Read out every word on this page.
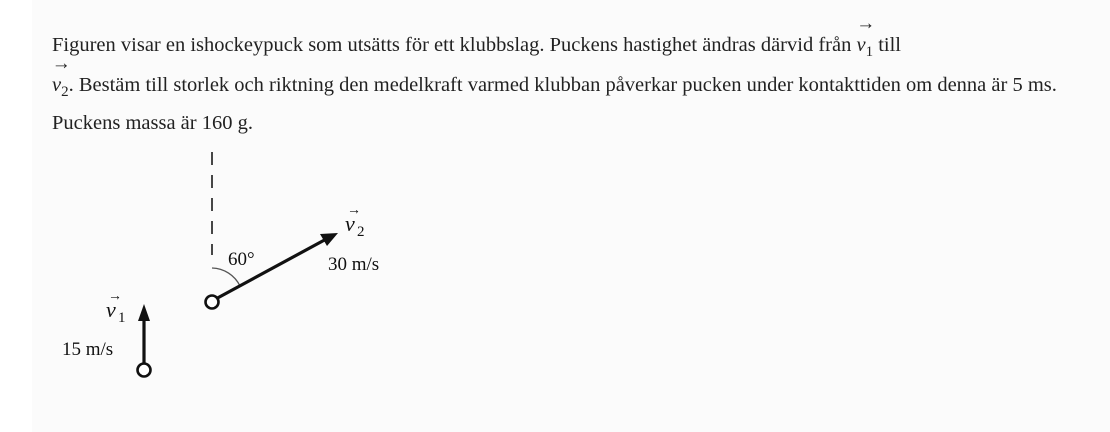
Figuren visar en ishockeypuck som utsätts för ett klubbslag. Puckens hastighet ändras därvid från
→
$v_1$ till

→
$v_2$. Bestäm till storlek och riktning den medelkraft varmed klubban påverkar pucken under kontakttiden om denna är 5 ms. Puckens massa är 160 g.

60°
→
v 2
30 m/s
→
v 1
15 m/s
